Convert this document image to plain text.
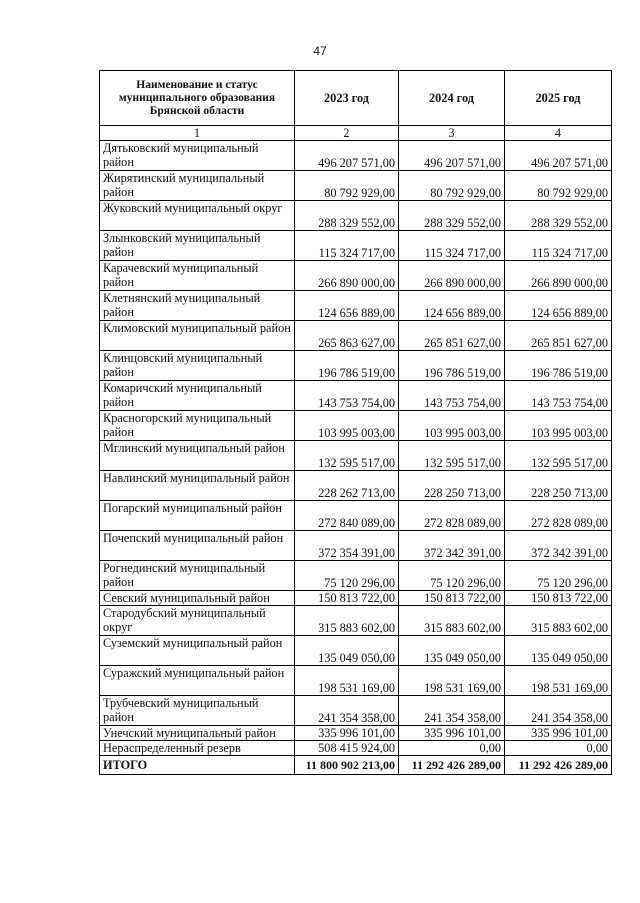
47
Наименование и статус муниципального образования Брянской области	2023 год	2024 год	2025 год
1	2	3	4
Дятьковский муниципальный район	496 207 571,00	496 207 571,00	496 207 571,00
Жирятинский муниципальный район	80 792 929,00	80 792 929,00	80 792 929,00
Жуковский муниципальный округ	288 329 552,00	288 329 552,00	288 329 552,00
Злынковский муниципальный район	115 324 717,00	115 324 717,00	115 324 717,00
Карачевский муниципальный район	266 890 000,00	266 890 000,00	266 890 000,00
Клетнянский муниципальный район	124 656 889,00	124 656 889,00	124 656 889,00
Климовский муниципальный район	265 863 627,00	265 851 627,00	265 851 627,00
Клинцовский муниципальный район	196 786 519,00	196 786 519,00	196 786 519,00
Комаричский муниципальный район	143 753 754,00	143 753 754,00	143 753 754,00
Красногорский муниципальный район	103 995 003,00	103 995 003,00	103 995 003,00
Мглинский муниципальный район	132 595 517,00	132 595 517,00	132 595 517,00
Навлинский муниципальный район	228 262 713,00	228 250 713,00	228 250 713,00
Погарский муниципальный район	272 840 089,00	272 828 089,00	272 828 089,00
Почепский муниципальный район	372 354 391,00	372 342 391,00	372 342 391,00
Рогнединский муниципальный район	75 120 296,00	75 120 296,00	75 120 296,00
Севский муниципальный район	150 813 722,00	150 813 722,00	150 813 722,00
Стародубский муниципальный округ	315 883 602,00	315 883 602,00	315 883 602,00
Суземский муниципальный район	135 049 050,00	135 049 050,00	135 049 050,00
Суражский муниципальный район	198 531 169,00	198 531 169,00	198 531 169,00
Трубчевский муниципальный район	241 354 358,00	241 354 358,00	241 354 358,00
Унечский муниципальный район	335 996 101,00	335 996 101,00	335 996 101,00
Нераспределенный резерв	508 415 924,00	0,00	0,00
ИТОГО	11 800 902 213,00	11 292 426 289,00	11 292 426 289,00
